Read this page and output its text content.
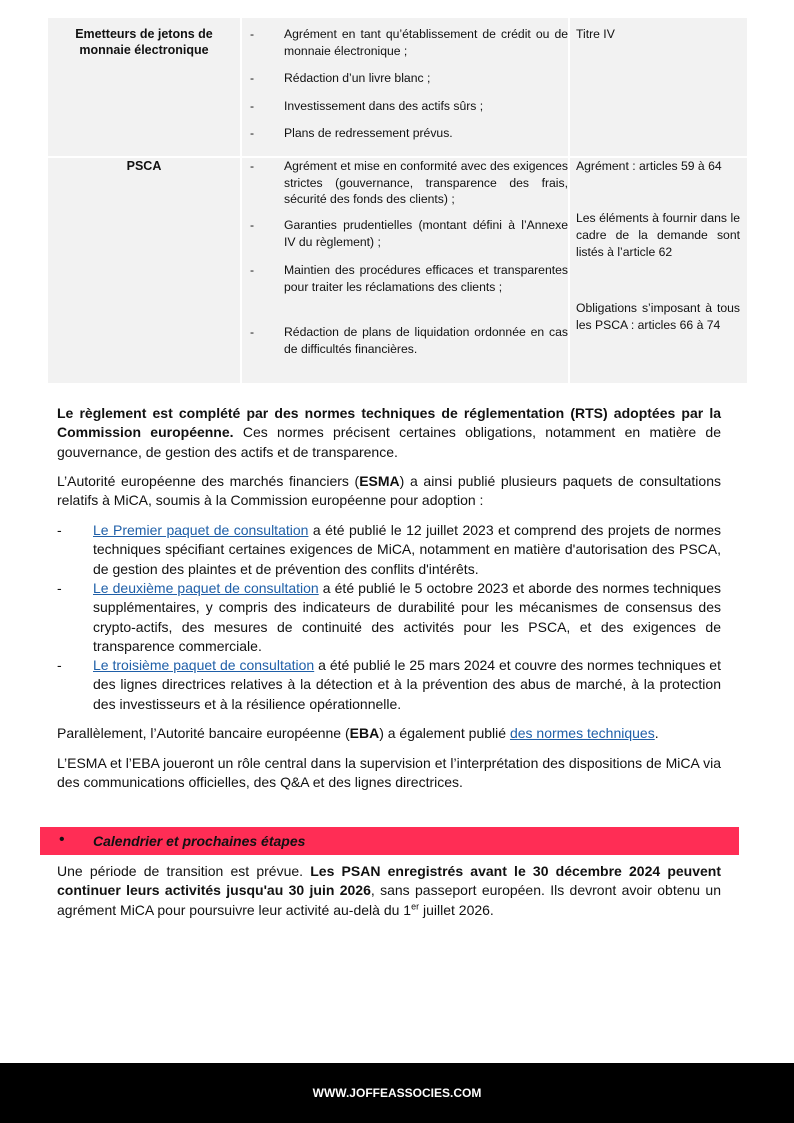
Emetteurs de jetons de monnaie électronique
- Agrément en tant qu’établissement de crédit ou de monnaie électronique ;
- Rédaction d’un livre blanc ;
- Investissement dans des actifs sûrs ;
- Plans de redressement prévus.
Titre IV
PSCA	- Agrément et mise en conformité avec des exigences strictes (gouvernance, transparence des frais, sécurité des fonds des clients) ;
- Garanties prudentielles (montant défini à l’Annexe IV du règlement) ;
- Maintien des procédures efficaces et transparentes pour traiter les réclamations des clients ;
- Rédaction de plans de liquidation ordonnée en cas de difficultés financières.
Agrément : articles 59 à 64
Les éléments à fournir dans le cadre de la demande sont listés à l’article 62
Obligations s’imposant à tous les PSCA : articles 66 à 74

Le règlement est complété par des normes techniques de réglementation (RTS) adoptées par la Commission européenne. Ces normes précisent certaines obligations, notamment en matière de gouvernance, de gestion des actifs et de transparence.

L’Autorité européenne des marchés financiers (ESMA) a ainsi publié plusieurs paquets de consultations relatifs à MiCA, soumis à la Commission européenne pour adoption :

- Le Premier paquet de consultation a été publié le 12 juillet 2023 et comprend des projets de normes techniques spécifiant certaines exigences de MiCA, notamment en matière d'autorisation des PSCA, de gestion des plaintes et de prévention des conflits d'intérêts.
- Le deuxième paquet de consultation a été publié le 5 octobre 2023 et aborde des normes techniques supplémentaires, y compris des indicateurs de durabilité pour les mécanismes de consensus des crypto-actifs, des mesures de continuité des activités pour les PSCA, et des exigences de transparence commerciale.
- Le troisième paquet de consultation a été publié le 25 mars 2024 et couvre des normes techniques et des lignes directrices relatives à la détection et à la prévention des abus de marché, à la protection des investisseurs et à la résilience opérationnelle.

Parallèlement, l’Autorité bancaire européenne (EBA) a également publié des normes techniques.

L’ESMA et l’EBA joueront un rôle central dans la supervision et l’interprétation des dispositions de MiCA via des communications officielles, des Q&A et des lignes directrices.

• Calendrier et prochaines étapes

Une période de transition est prévue. Les PSAN enregistrés avant le 30 décembre 2024 peuvent continuer leurs activités jusqu'au 30 juin 2026, sans passeport européen. Ils devront avoir obtenu un agrément MiCA pour poursuivre leur activité au-delà du 1er juillet 2026.

WWW.JOFFEASSOCIES.COM
